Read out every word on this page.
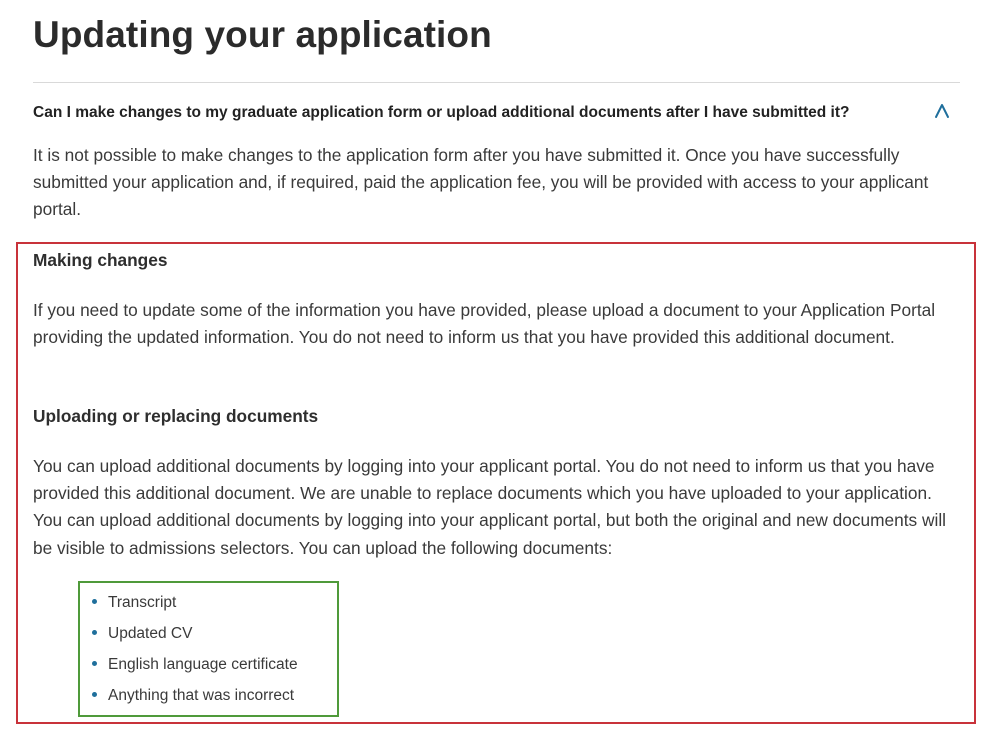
Updating your application
Can I make changes to my graduate application form or upload additional documents after I have submitted it?

It is not possible to make changes to the application form after you have submitted it. Once you have successfully submitted your application and, if required, paid the application fee, you will be provided with access to your applicant portal.

Making changes

If you need to update some of the information you have provided, please upload a document to your Application Portal providing the updated information. You do not need to inform us that you have provided this additional document.

Uploading or replacing documents

You can upload additional documents by logging into your applicant portal. You do not need to inform us that you have provided this additional document. We are unable to replace documents which you have uploaded to your application. You can upload additional documents by logging into your applicant portal, but both the original and new documents will be visible to admissions selectors. You can upload the following documents:

Transcript
Updated CV
English language certificate
Anything that was incorrect
